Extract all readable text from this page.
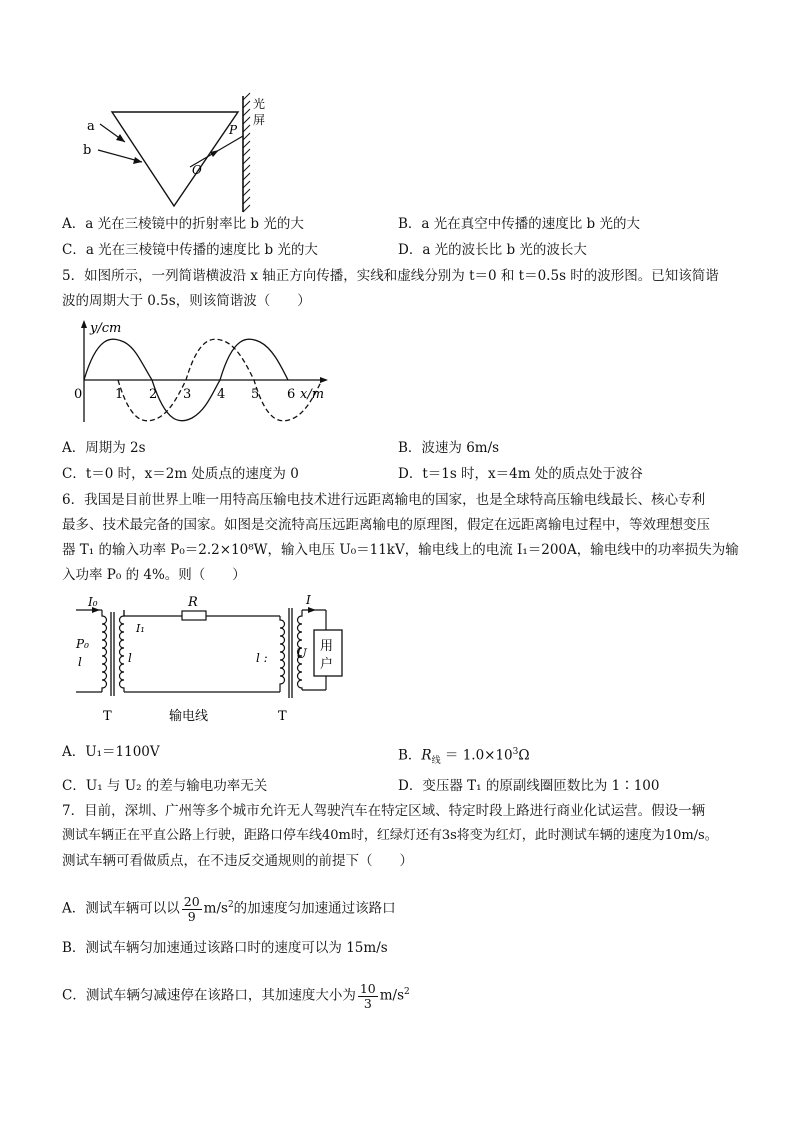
a
b
O
P
光
屏
A．a 光在三棱镜中的折射率比 b 光的大	B．a 光在真空中传播的速度比 b 光的大
C．a 光在三棱镜中传播的速度比 b 光的大	D．a 光的波长比 b 光的波长大
5．如图所示，一列简谐横波沿 x 轴正方向传播，实线和虚线分别为 t＝0 和 t＝0.5s 时的波形图。已知该简谐
波的周期大于 0.5s，则该简谐波（　　）
y/cm
x/m
0	1 2 3 4 5 6
A．周期为 2s	B．波速为 6m/s
C．t＝0 时，x＝2m 处质点的速度为 0	D．t＝1s 时，x＝4m 处的质点处于波谷
6．我国是目前世界上唯一用特高压输电技术进行远距离输电的国家，也是全球特高压输电线最长、核心专利
最多、技术最完备的国家。如图是交流特高压远距离输电的原理图，假定在远距离输电过程中，等效理想变压
器 T₁ 的输入功率 P₀＝2.2×10⁸W，输入电压 U₀＝11kV，输电线上的电流 I₁＝200A，输电线中的功率损失为输
入功率 P₀ 的 4%。则（　　）
I₀
P₀
l	l
I₁
R
l :
I
U
用
户
T	T
输电线
A．U₁＝1100V	B．$R_线 = 1.0\times 10^3\Omega$
C．U₁ 与 U₂ 的差与输电功率无关	D．变压器 T₁ 的原副线圈匝数比为 1∶100
7．目前，深圳、广州等多个城市允许无人驾驶汽车在特定区域、特定时段上路进行商业化试运营。假设一辆
测试车辆正在平直公路上行驶，距路口停车线40m时，红绿灯还有3s将变为红灯，此时测试车辆的速度为10m/s。
测试车辆可看做质点，在不违反交通规则的前提下（　　）
A．测试车辆可以以 $\frac{20}{9} m/s^2$的加速度匀加速通过该路口
B．测试车辆匀加速通过该路口时的速度可以为 15m/s
C．测试车辆匀减速停在该路口，其加速度大小为 $\frac{10}{3} m/s^2$
